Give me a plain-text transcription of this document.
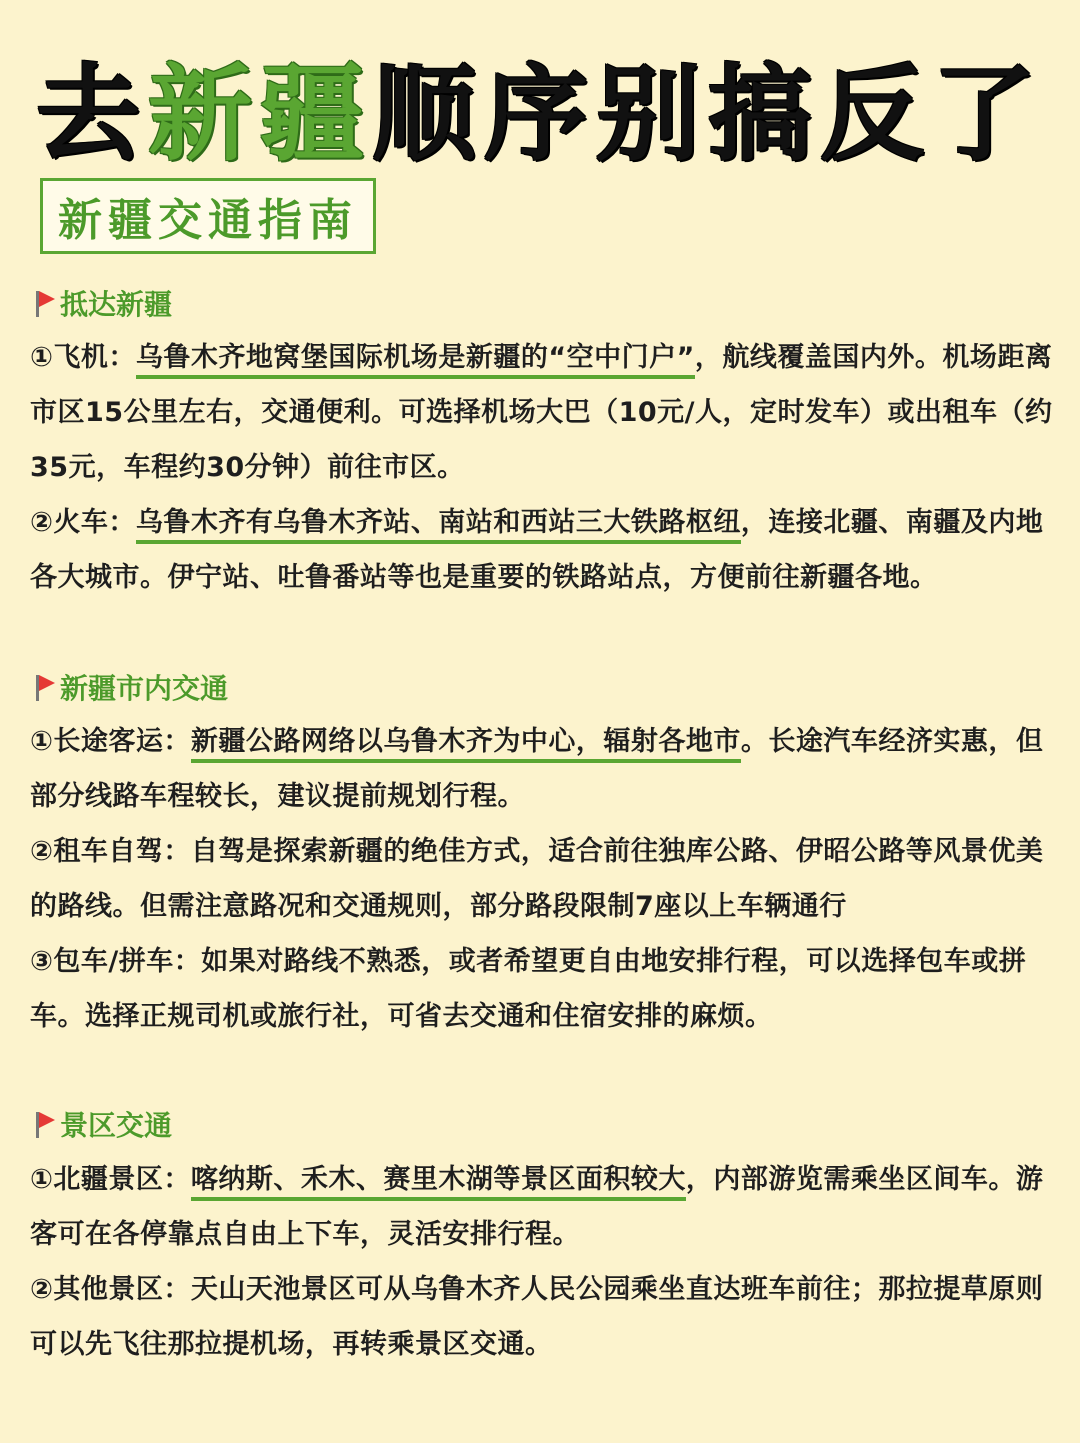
去 新疆 顺序别搞反了
新疆交通指南
抵达新疆
①飞机：乌鲁木齐地窝堡国际机场是新疆的“空中门户”，航线覆盖国内外。机场距离市区15公里左右，交通便利。可选择机场大巴（10元/人，定时发车）或出租车（约35元，车程约30分钟）前往市区。
②火车：乌鲁木齐有乌鲁木齐站、南站和西站三大铁路枢纽，连接北疆、南疆及内地各大城市。伊宁站、吐鲁番站等也是重要的铁路站点，方便前往新疆各地。
新疆市内交通
①长途客运：新疆公路网络以乌鲁木齐为中心，辐射各地市。长途汽车经济实惠，但部分线路车程较长，建议提前规划行程。
②租车自驾：自驾是探索新疆的绝佳方式，适合前往独库公路、伊昭公路等风景优美的路线。但需注意路况和交通规则，部分路段限制7座以上车辆通行
③包车/拼车：如果对路线不熟悉，或者希望更自由地安排行程，可以选择包车或拼车。选择正规司机或旅行社，可省去交通和住宿安排的麻烦。
景区交通
①北疆景区：喀纳斯、禾木、赛里木湖等景区面积较大，内部游览需乘坐区间车。游客可在各停靠点自由上下车，灵活安排行程。
②其他景区：天山天池景区可从乌鲁木齐人民公园乘坐直达班车前往；那拉提草原则可以先飞往那拉提机场，再转乘景区交通。
